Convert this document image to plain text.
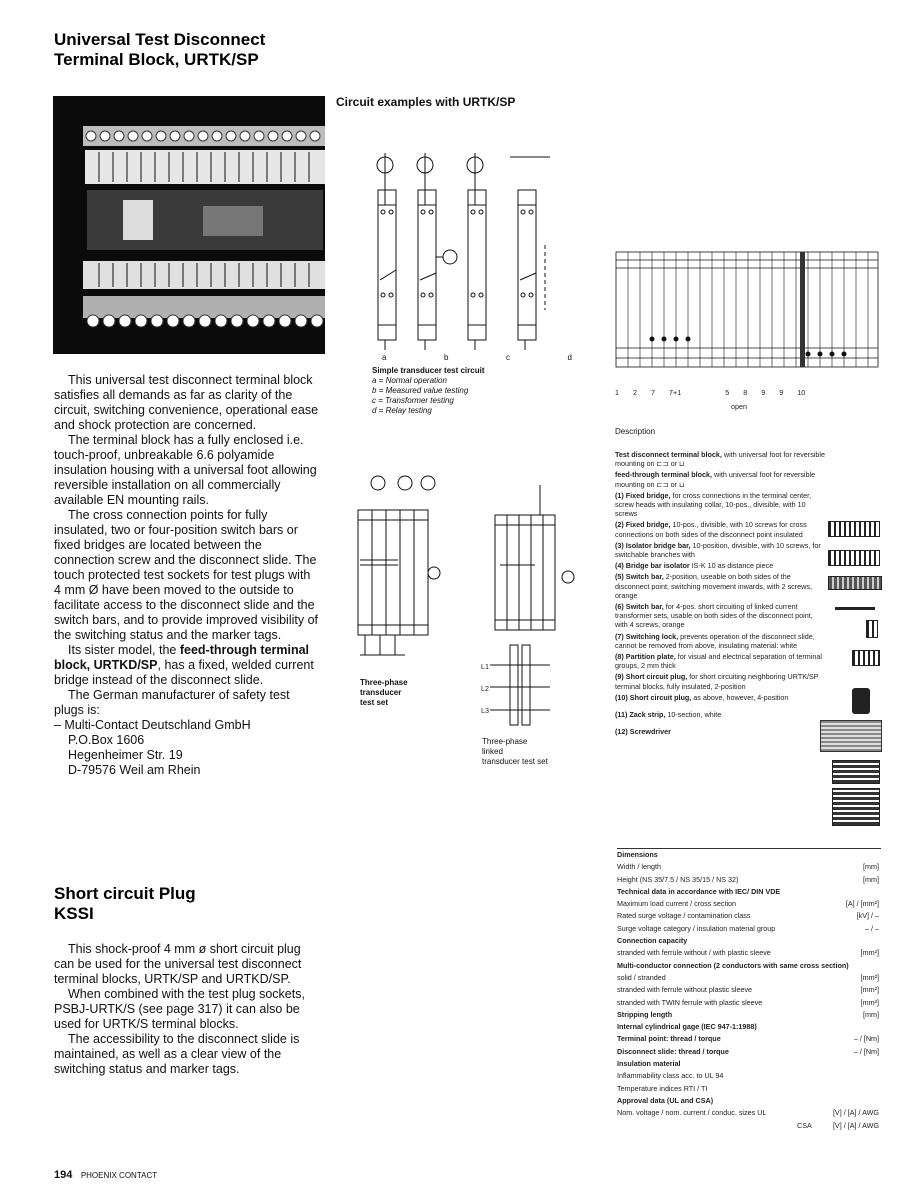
Universal Test Disconnect
Terminal Block, URTK/SP

This universal test disconnect terminal block satisfies all demands as far as clarity of the circuit, switching convenience, operational ease and shock protection are concerned.

The terminal block has a fully enclosed i.e. touch-proof, unbreakable 6.6 polyamide insulation housing with a universal foot allowing reversible installation on all commercially available EN mounting rails.

The cross connection points for fully insulated, two or four-position switch bars or fixed bridges are located between the connection screw and the disconnect slide. The touch protected test sockets for test plugs with 4 mm Ø have been moved to the outside to facilitate access to the disconnect slide and the switch bars, and to provide improved visibility of the switching status and the marker tags.

Its sister model, the feed-through terminal block, URTKD/SP, has a fixed, welded current bridge instead of the disconnect slide.

The German manufacturer of safety test plugs is:

– Multi-Contact Deutschland GmbH
P.O.Box 1606
Hegenheimer Str. 19
D-79576 Weil am Rhein
Short circuit Plug
KSSI

This shock-proof 4 mm ø short circuit plug can be used for the universal test disconnect terminal blocks, URTK/SP and URTKD/SP.

When combined with the test plug sockets, PSBJ-URTK/S (see page 317) it can also be used for URTK/S terminal blocks.

The accessibility to the disconnect slide is maintained, as well as a clear view of the switching status and marker tags.

Circuit examples with URTK/SP
a	b	c	d
Simple transducer test circuit
a = Normal operation
b = Measured value testing
c = Transformer testing
d = Relay testing
Three-phase
transducer
test set
L1
L2
L3
Three-phase
linked
transducer test set
1 2 7 7+1	5 8 9 9 10
open
Description
Test disconnect terminal block, with universal foot for reversible mounting on ⊏⊐ or ⊔
feed-through terminal block, with universal foot for reversible mounting on ⊏⊐ or ⊔
(1) Fixed bridge, for cross connections in the terminal center, screw heads with insulating collar, 10-pos., divisible, with 10 screws
(2) Fixed bridge, 10-pos., divisible, with 10 screws for cross connections on both sides of the disconnect point insulated
(3) Isolator bridge bar, 10-position, divisible, with 10 screws, for switchable branches with
(4) Bridge bar isolator IS-K 10 as distance piece
(5) Switch bar, 2-position, useable on both sides of the disconnect point, switching movement inwards, with 2 screws, orange
(6) Switch bar, for 4-pos. short circuiting of linked current transformer sets, usable on both sides of the disconnect point, with 4 screws, orange
(7) Switching lock, prevents operation of the disconnect slide, cannot be removed from above, insulating material: white
(8) Partition plate, for visual and electrical separation of terminal groups, 2 mm thick
(9) Short circuit plug, for short circuiting neighboring URTK/SP terminal blocks, fully insulated, 2-position
(10) Short circuit plug, as above, however, 4-position
(11) Zack strip, 10-section, white
(12) Screwdriver
Dimensions
Width / length	[mm]
Height (NS 35/7.5 / NS 35/15 / NS 32)	[mm]
Technical data in accordance with IEC/ DIN VDE
Maximum load current / cross section	[A] / [mm²]
Rated surge voltage / contamination class	[kV] / –
Surge voltage category / insulation material group	– / –
Connection capacity
stranded with ferrule without / with plastic sleeve	[mm²]
Multi-conductor connection (2 conductors with same cross section)
solid / stranded	[mm²]
stranded with ferrule without plastic sleeve	[mm²]
stranded with TWIN ferrule with plastic sleeve	[mm²]
Stripping length	[mm]
Internal cylindrical gage (IEC 947-1:1988)
Terminal point: thread / torque	– / [Nm]
Disconnect slide: thread / torque	– / [Nm]
Insulation material
Inflammability class acc. to UL 94
Temperature indices RTI / TI
Approval data (UL and CSA)
Nom. voltage / nom. current / conduc. sizes UL	[V] / [A] / AWG
CSA	[V] / [A] / AWG
194 PHOENIX CONTACT
